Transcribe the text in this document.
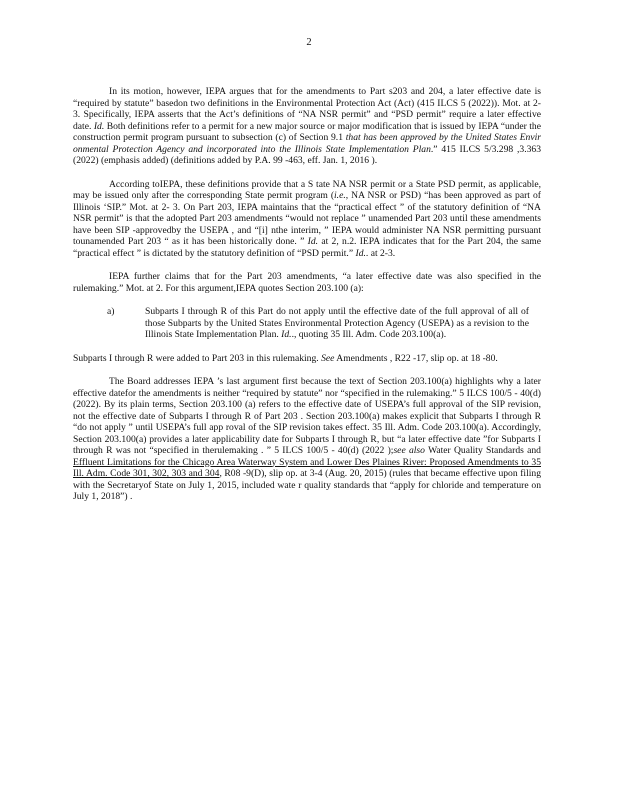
2

In its motion, however, IEPA argues that for the amendments to Part s203 and 204, a later effective date is “required by statute” basedon two definitions in the Environmental Protection Act (Act) (415 ILCS 5 (2022)). Mot. at 2- 3. Specifically, IEPA asserts that the Act’s definitions of “NA NSR permit” and “PSD permit” require a later effective date. Id. Both definitions refer to a permit for a new major source or major modification that is issued by IEPA “under the construction permit program pursuant to subsection (c) of Section 9.1 that has been approved by the United States Envir onmental Protection Agency and incorporated into the Illinois State Implementation Plan.” 415 ILCS 5/3.298 ,3.363 (2022) (emphasis added) (definitions added by P.A. 99 -463, eff. Jan. 1, 2016 ).

According toIEPA, these definitions provide that a S tate NA NSR permit or a State PSD permit, as applicable, may be issued only after the corresponding State permit program (i.e., NA NSR or PSD) “has been approved as part of Illinois ‘SIP.” Mot. at 2- 3. On Part 203, IEPA maintains that the “practical effect ” of the statutory definition of “NA NSR permit” is that the adopted Part 203 amendments “would not replace ” unamended Part 203 until these amendments have been SIP -approvedby the USEPA , and “[i] nthe interim, ” IEPA would administer NA NSR permitting pursuant tounamended Part 203 “ as it has been historically done. ” Id. at 2, n.2. IEPA indicates that for the Part 204, the same “practical effect ” is dictated by the statutory definition of “PSD permit.” Id.. at 2-3.

IEPA further claims that for the Part 203 amendments, “a later effective date was also specified in the rulemaking.” Mot. at 2. For this argument,IEPA quotes Section 203.100 (a):

a)	Subparts I through R of this Part do not apply until the effective date of the full approval of all of those Subparts by the United States Environmental Protection Agency (USEPA) as a revision to the Illinois State Implementation Plan. Id.., quoting 35 Ill. Adm. Code 203.100(a).

Subparts I through R were added to Part 203 in this rulemaking. See Amendments , R22 -17, slip op. at 18 -80.

The Board addresses IEPA ’s last argument first because the text of Section 203.100(a) highlights why a later effective datefor the amendments is neither “required by statute” nor “specified in the rulemaking.” 5 ILCS 100/5 - 40(d) (2022). By its plain terms, Section 203.100 (a) refers to the effective date of USEPA’s full approval of the SIP revision, not the effective date of Subparts I through R of Part 203 . Section 203.100(a) makes explicit that Subparts I through R “do not apply ” until USEPA’s full app roval of the SIP revision takes effect. 35 Ill. Adm. Code 203.100(a). Accordingly, Section 203.100(a) provides a later applicability date for Subparts I through R, but “a later effective date ”for Subparts I through R was not “specified in therulemaking . ” 5 ILCS 100/5 - 40(d) (2022 );see also Water Quality Standards and Effluent Limitations for the Chicago Area Waterway System and Lower Des Plaines River: Proposed Amendments to 35 Ill. Adm. Code 301, 302, 303 and 304, R08 -9(D), slip op. at 3-4 (Aug. 20, 2015) (rules that became effective upon filing with the Secretaryof State on July 1, 2015, included wate r quality standards that “apply for chloride and temperature on July 1, 2018”) .
